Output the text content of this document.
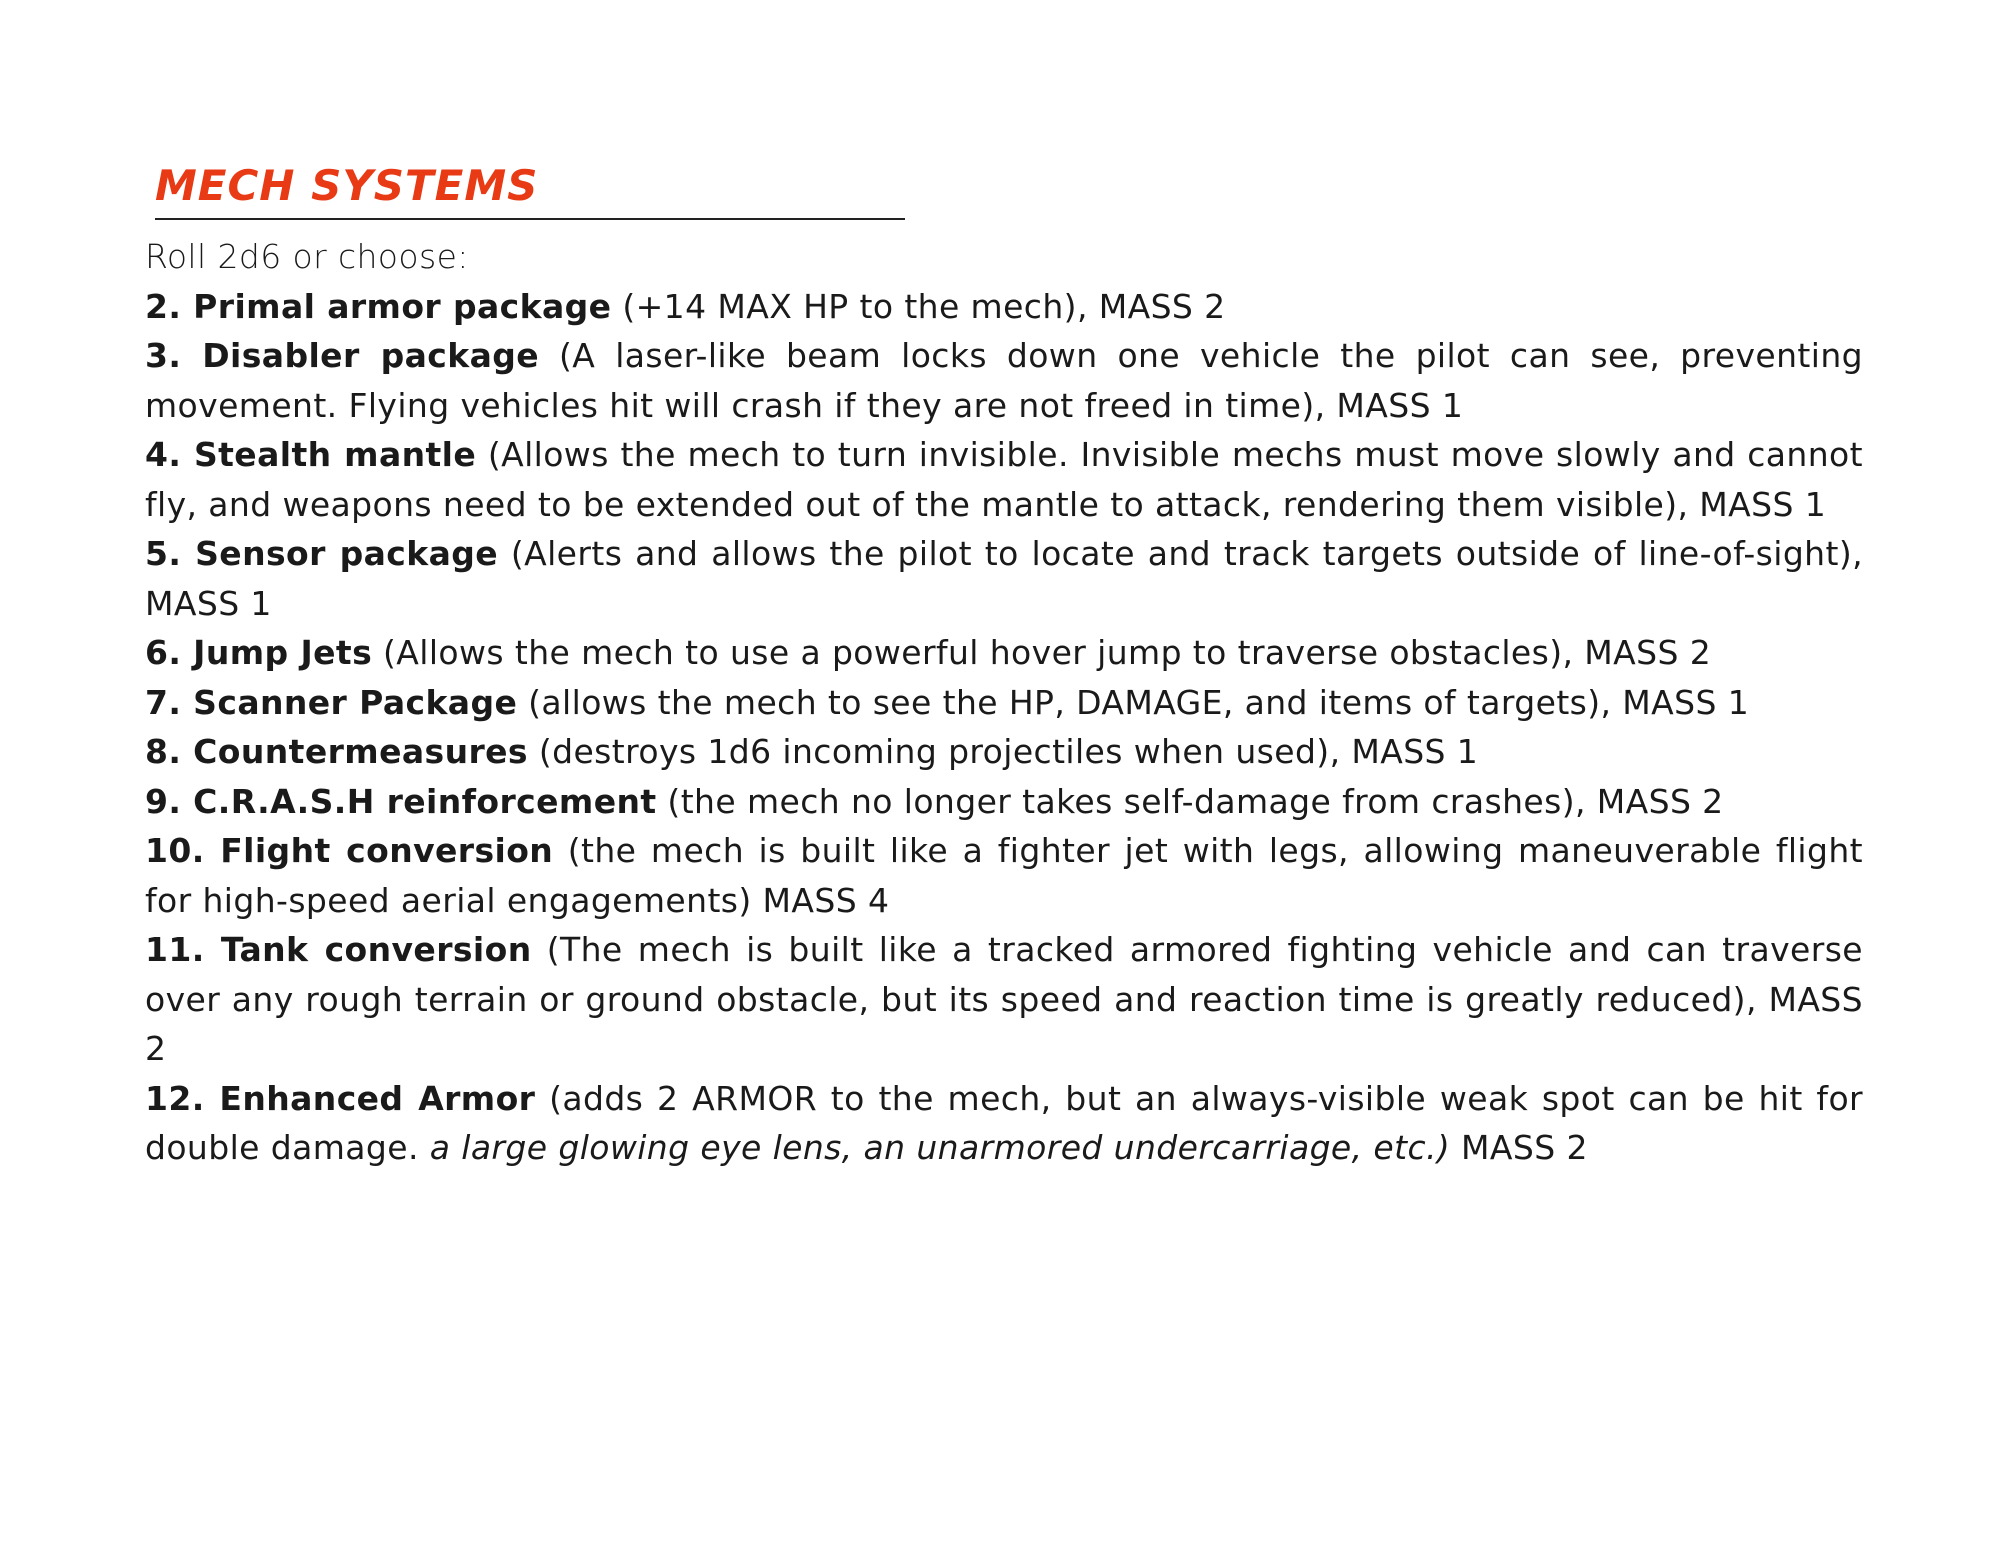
MECH SYSTEMS

Roll 2d6 or choose:

2. Primal armor package (+14 MAX HP to the mech), MASS 2
3. Disabler package (A laser-like beam locks down one vehicle the pilot can see, preventing movement. Flying vehicles hit will crash if they are not freed in time), MASS 1
4. Stealth mantle (Allows the mech to turn invisible. Invisible mechs must move slowly and cannot fly, and weapons need to be extended out of the mantle to attack, rendering them visible), MASS 1
5. Sensor package (Alerts and allows the pilot to locate and track targets outside of line-of-sight), MASS 1
6. Jump Jets (Allows the mech to use a powerful hover jump to traverse obstacles), MASS 2
7. Scanner Package (allows the mech to see the HP, DAMAGE, and items of targets), MASS 1
8. Countermeasures (destroys 1d6 incoming projectiles when used), MASS 1
9. C.R.A.S.H reinforcement (the mech no longer takes self-damage from crashes), MASS 2
10. Flight conversion (the mech is built like a fighter jet with legs, allowing maneuverable flight for high-speed aerial engagements) MASS 4
11. Tank conversion (The mech is built like a tracked armored fighting vehicle and can traverse over any rough terrain or ground obstacle, but its speed and reaction time is greatly reduced), MASS 2
12. Enhanced Armor (adds 2 ARMOR to the mech, but an always-visible weak spot can be hit for double damage. a large glowing eye lens, an unarmored undercarriage, etc.) MASS 2
